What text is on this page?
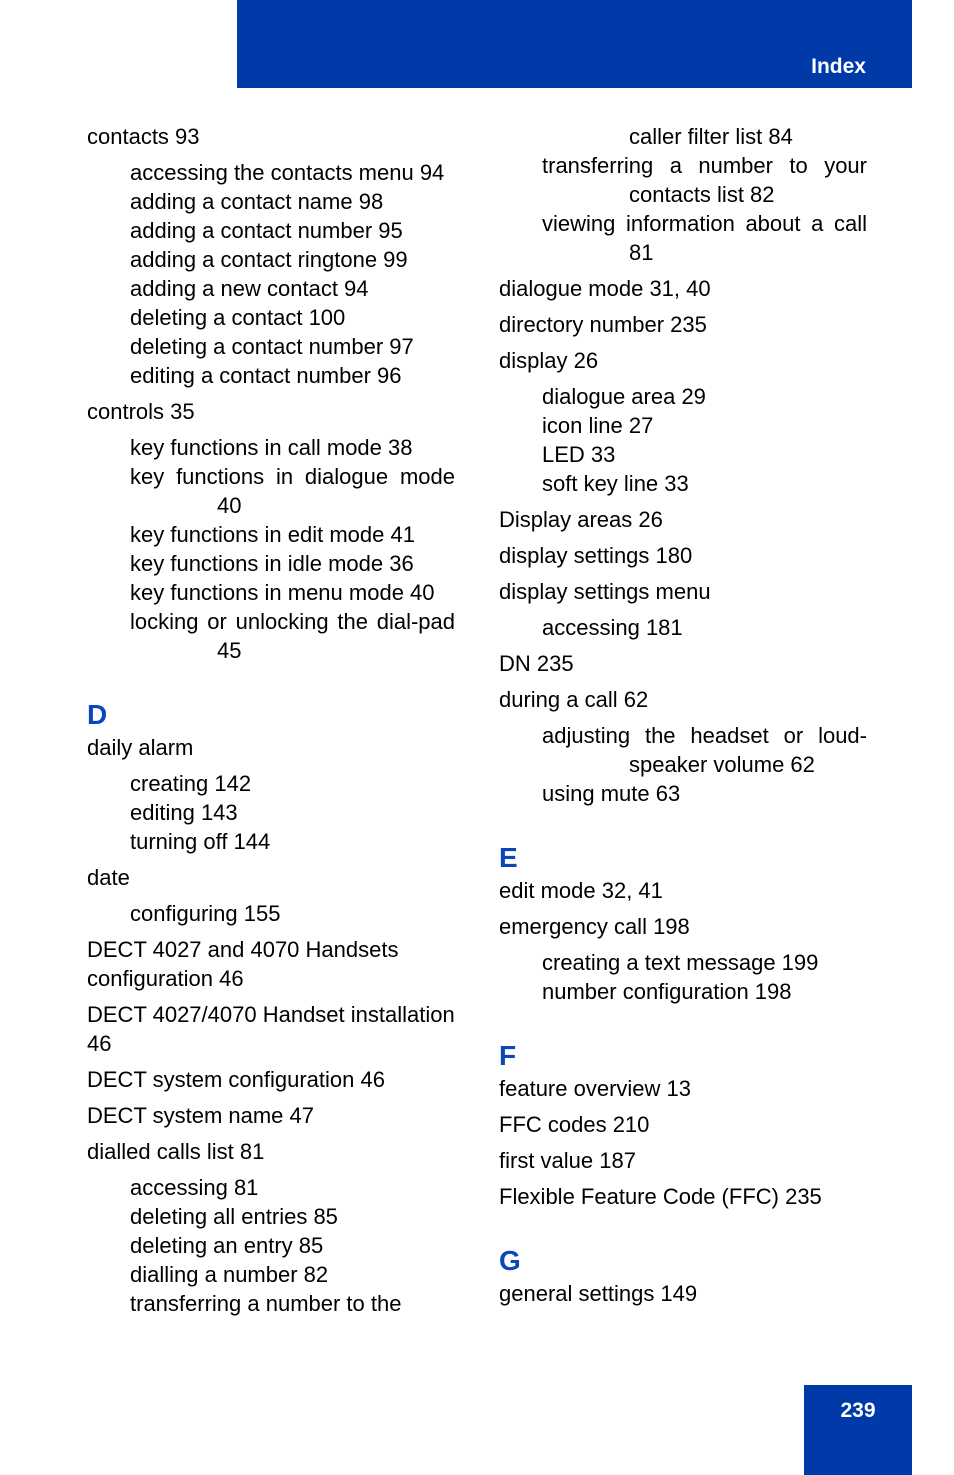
Index
contacts 93
accessing the contacts menu 94
adding a contact name 98
adding a contact number 95
adding a contact ringtone 99
adding a new contact 94
deleting a contact 100
deleting a contact number 97
editing a contact number 96
controls 35
key functions in call mode 38
key functions in dialogue mode 40
key functions in edit mode 41
key functions in idle mode 36
key functions in menu mode 40
locking or unlocking the dial-pad 45
D
daily alarm
creating 142
editing 143
turning off 144
date
configuring 155
DECT 4027 and 4070 Handsets configuration 46
DECT 4027/4070 Handset installation 46
DECT system configuration 46
DECT system name 47
dialled calls list 81
accessing 81
deleting all entries 85
deleting an entry 85
dialling a number 82
transferring a number to the
caller filter list 84
transferring a number to your contacts list 82
viewing information about a call 81
dialogue mode 31, 40
directory number 235
display 26
dialogue area 29
icon line 27
LED 33
soft key line 33
Display areas 26
display settings 180
display settings menu
accessing 181
DN 235
during a call 62
adjusting the headset or loud-speaker volume 62
using mute 63
E
edit mode 32, 41
emergency call 198
creating a text message 199
number configuration 198
F
feature overview 13
FFC codes 210
first value 187
Flexible Feature Code (FFC) 235
G
general settings 149
239
